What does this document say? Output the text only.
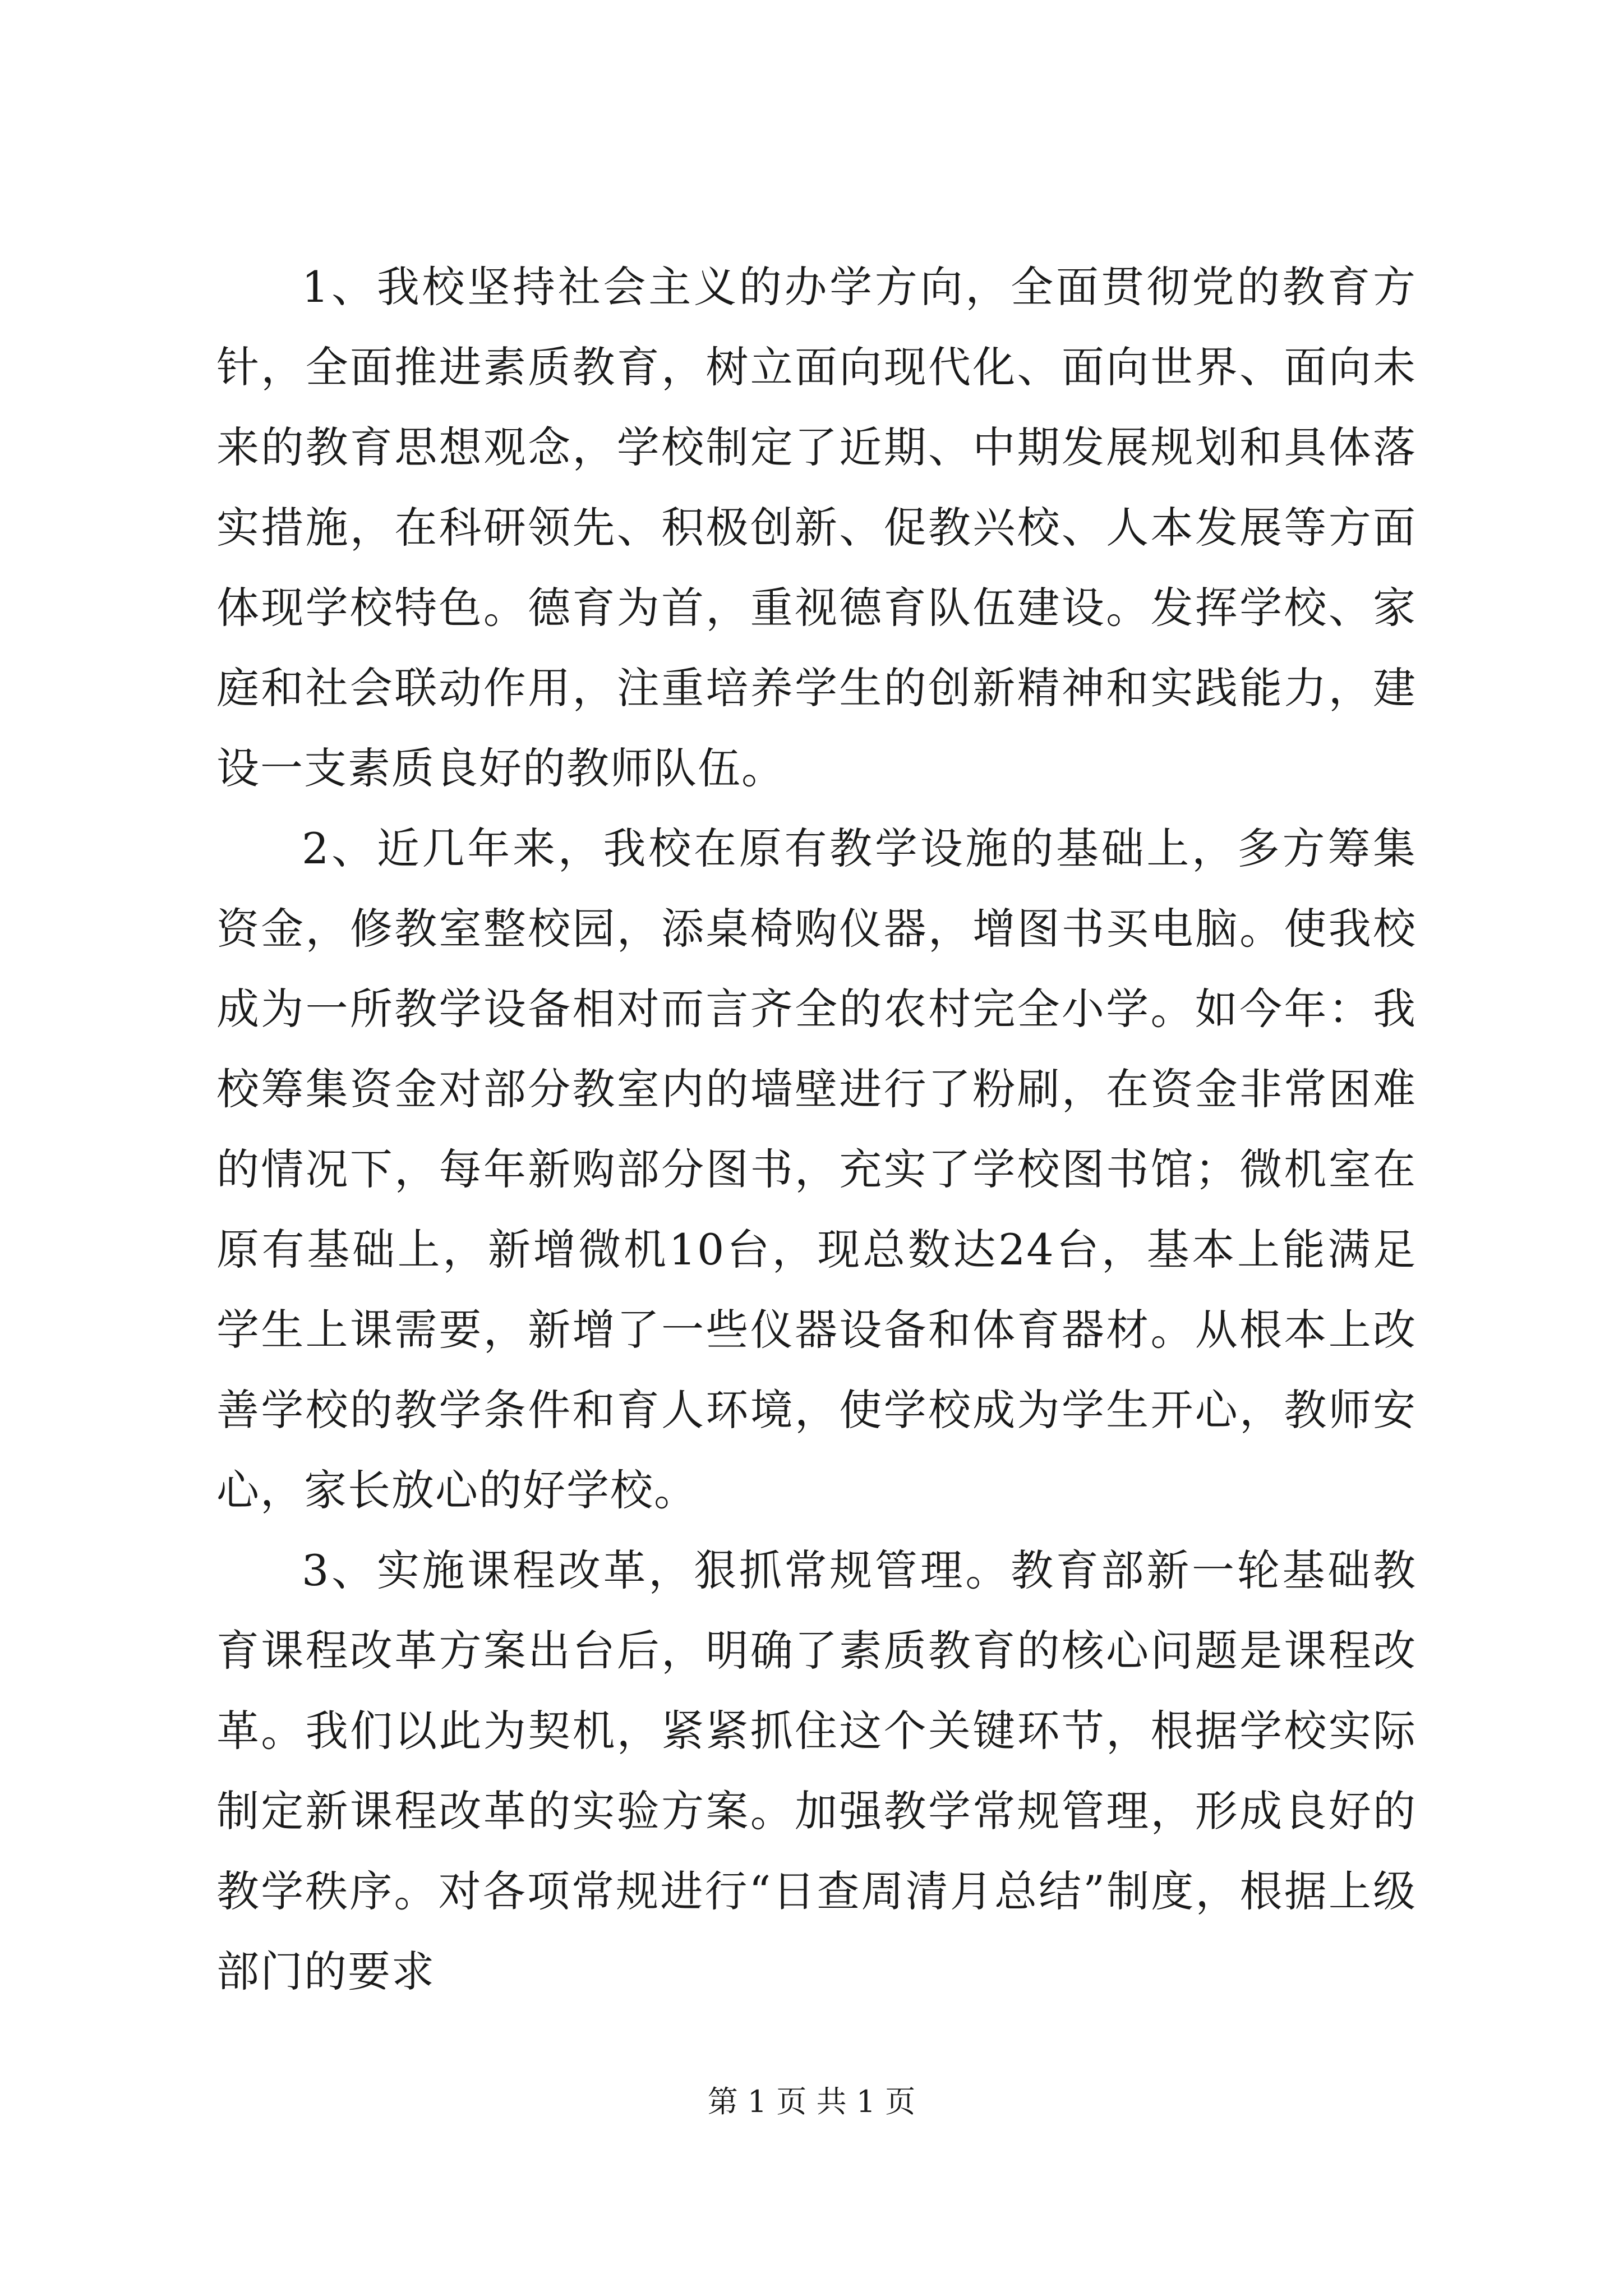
1、我校坚持社会主义的办学方向，全面贯彻党的教育方针，全面推进素质教育，树立面向现代化、面向世界、面向未来的教育思想观念，学校制定了近期、中期发展规划和具体落实措施，在科研领先、积极创新、促教兴校、人本发展等方面体现学校特色。德育为首，重视德育队伍建设。发挥学校、家庭和社会联动作用，注重培养学生的创新精神和实践能力，建设一支素质良好的教师队伍。

2、近几年来，我校在原有教学设施的基础上，多方筹集资金，修教室整校园，添桌椅购仪器，增图书买电脑。使我校成为一所教学设备相对而言齐全的农村完全小学。如今年：我校筹集资金对部分教室内的墙壁进行了粉刷，在资金非常困难的情况下，每年新购部分图书，充实了学校图书馆；微机室在原有基础上，新增微机10台，现总数达24台，基本上能满足学生上课需要，新增了一些仪器设备和体育器材。从根本上改善学校的教学条件和育人环境，使学校成为学生开心，教师安心，家长放心的好学校。

3、实施课程改革，狠抓常规管理。教育部新一轮基础教育课程改革方案出台后，明确了素质教育的核心问题是课程改革。我们以此为契机，紧紧抓住这个关键环节，根据学校实际制定新课程改革的实验方案。加强教学常规管理，形成良好的教学秩序。对各项常规进行“日查周清月总结”制度，根据上级部门的要求

第 1 页 共 1 页
